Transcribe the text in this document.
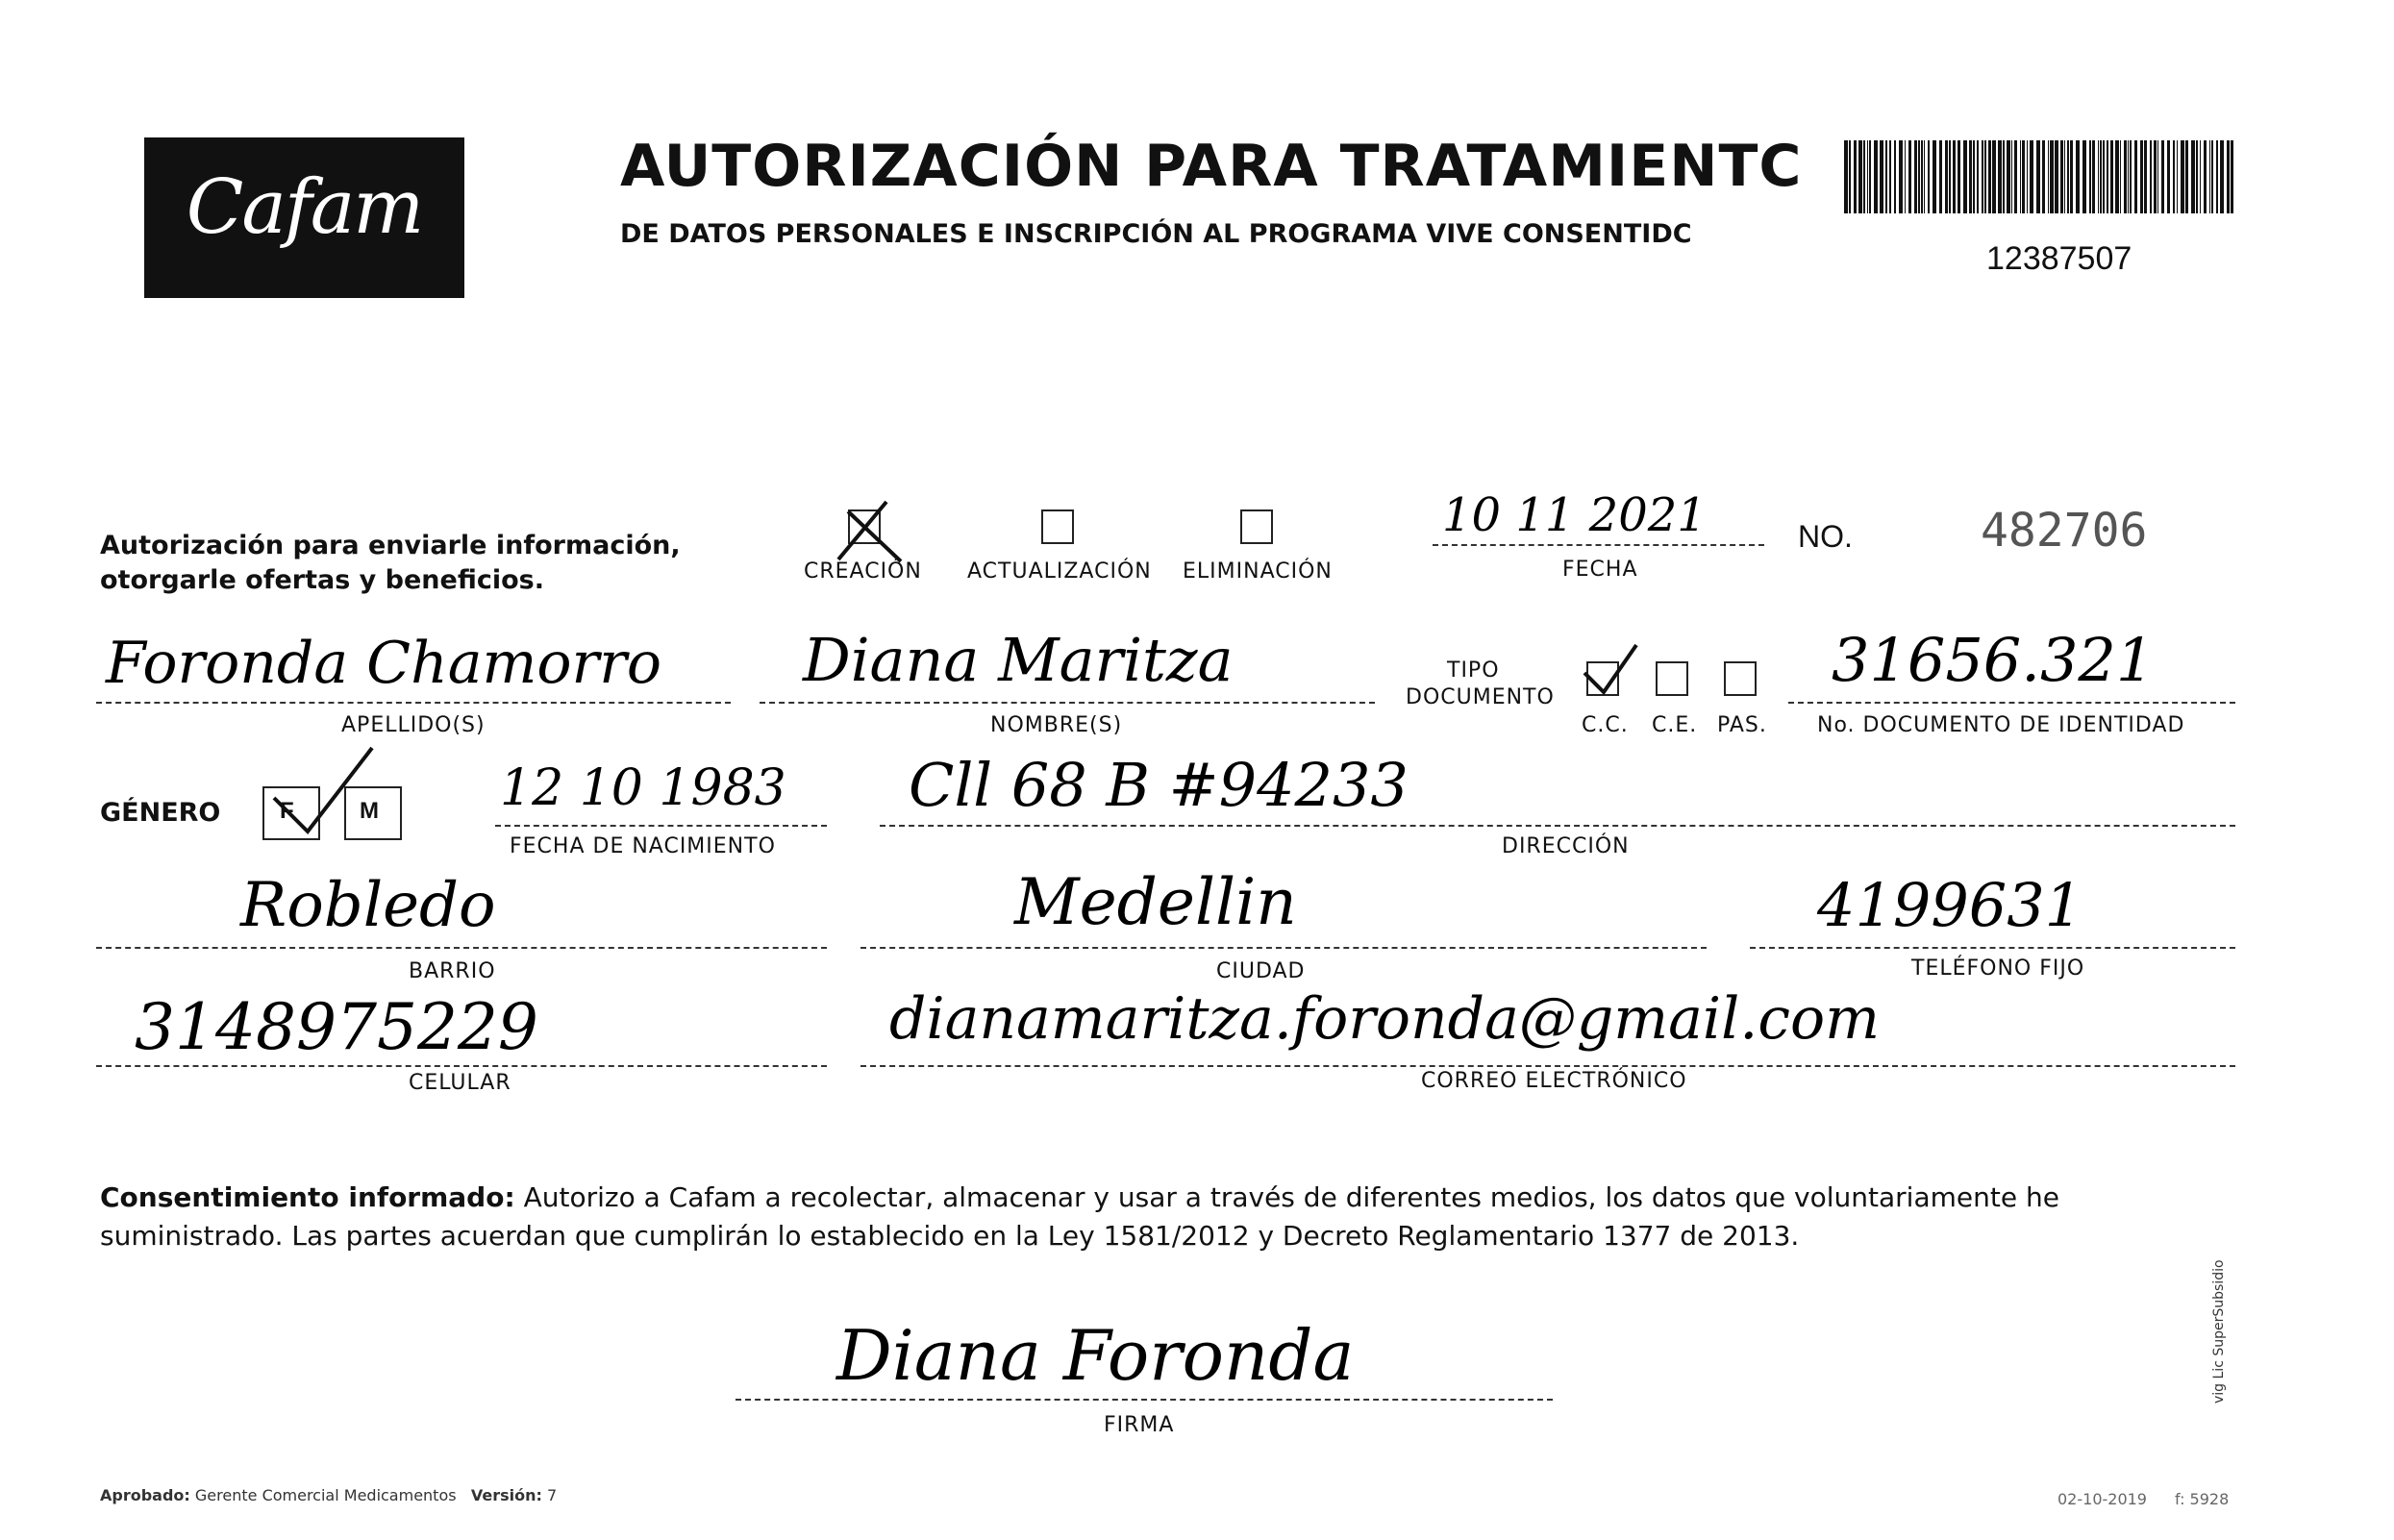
Cafam	AUTORIZACIÓN PARA TRATAMIENTC
DE DATOS PERSONALES E INSCRIPCIÓN AL PROGRAMA VIVE CONSENTIDC
12387507
Autorización para enviarle información,
otorgarle ofertas y beneficios.	CREACIÓN ACTUALIZACIÓN ELIMINACIÓN
10 11 2021
FECHA
NO.	482706
Foronda Chamorro
APELLIDO(S)
Diana Maritza
NOMBRE(S)
TIPO
DOCUMENTO
C.C. C.E. PAS.
31656.321
No. DOCUMENTO DE IDENTIDAD
GÉNERO	F	M 12 10 1983
FECHA DE NACIMIENTO
Cll 68 B #94233
DIRECCIÓN
Robledo
BARRIO
Medellin
CIUDAD
4199631
TELÉFONO FIJO
3148975229
CELULAR
dianamaritza.foronda@gmail.com
CORREO ELECTRÓNICO
Consentimiento informado: Autorizo a Cafam a recolectar, almacenar y usar a través de diferentes medios, los datos que voluntariamente he suministrado. Las partes acuerdan que cumplirán lo establecido en la Ley 1581/2012 y Decreto Reglamentario 1377 de 2013.
Diana Foronda
FIRMA
Aprobado: Gerente Comercial Medicamentos Versión: 7	02-10-2019 f: 5928
vig Lic SuperSubsidio
